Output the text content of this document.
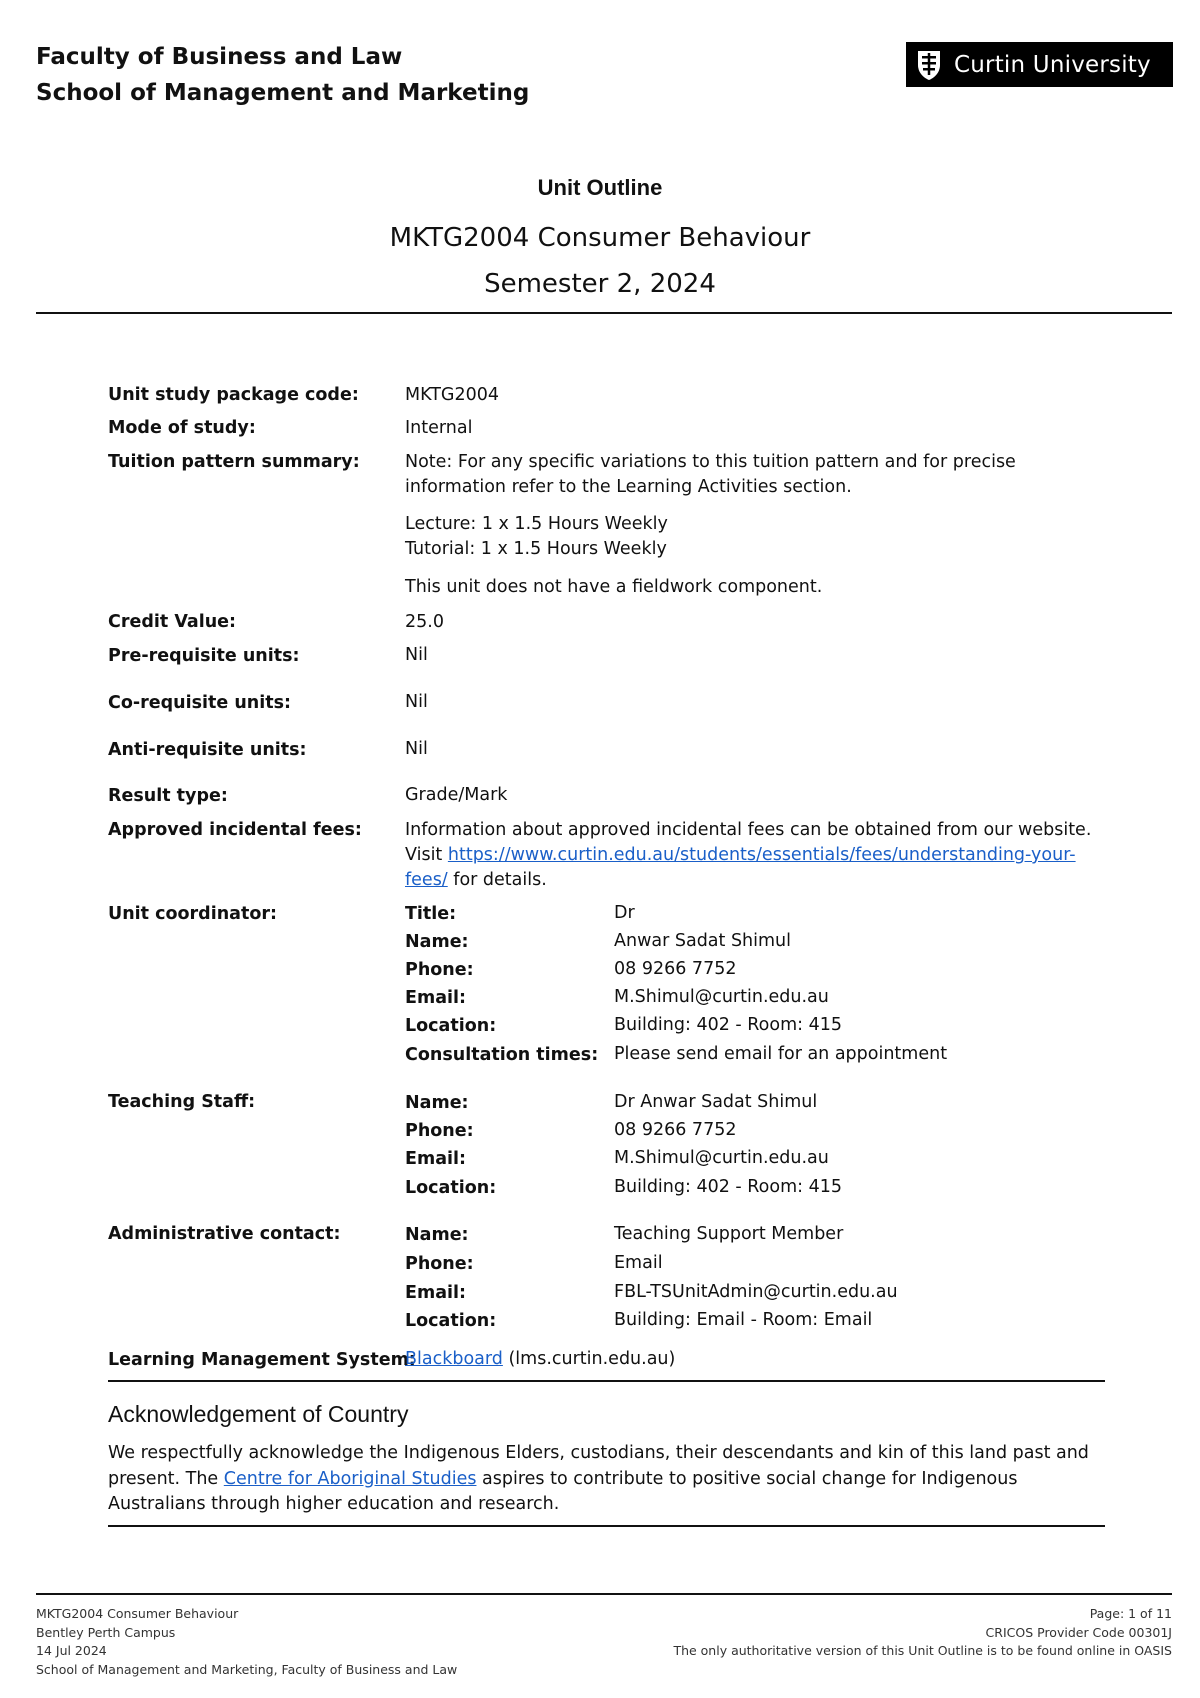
Faculty of Business and Law
School of Management and Marketing
Curtin University
Unit Outline
MKTG2004 Consumer Behaviour
Semester 2, 2024
Unit study package code:	MKTG2004
Mode of study:	Internal
Tuition pattern summary:	Note: For any specific variations to this tuition pattern and for precise information refer to the Learning Activities section.
Lecture: 1 x 1.5 Hours Weekly
Tutorial: 1 x 1.5 Hours Weekly
This unit does not have a fieldwork component.
Credit Value:	25.0
Pre-requisite units:	Nil
Co-requisite units:	Nil
Anti-requisite units:	Nil
Result type:	Grade/Mark
Approved incidental fees: Information about approved incidental fees can be obtained from our website. Visit https://www.curtin.edu.au/students/essentials/fees/understanding-your-fees/ for details.
Unit coordinator:	Title:	Dr
Name:	Anwar Sadat Shimul
Phone:	08 9266 7752
Email:	M.Shimul@curtin.edu.au
Location:	Building: 402 - Room: 415
Consultation times: Please send email for an appointment
Teaching Staff:	Name:	Dr Anwar Sadat Shimul
Phone:	08 9266 7752
Email:	M.Shimul@curtin.edu.au
Location:	Building: 402 - Room: 415
Administrative contact:	Name:	Teaching Support Member
Phone:	Email
Email:	FBL-TSUnitAdmin@curtin.edu.au
Location:	Building: Email - Room: Email
Learning Management System:
Blackboard (lms.curtin.edu.au)
Acknowledgement of Country
We respectfully acknowledge the Indigenous Elders, custodians, their descendants and kin of this land past and present. The Centre for Aboriginal Studies aspires to contribute to positive social change for Indigenous Australians through higher education and research.
MKTG2004 Consumer Behaviour
Bentley Perth Campus
14 Jul 2024
School of Management and Marketing, Faculty of Business and Law
Page: 1 of 11
CRICOS Provider Code 00301J
The only authoritative version of this Unit Outline is to be found online in OASIS
